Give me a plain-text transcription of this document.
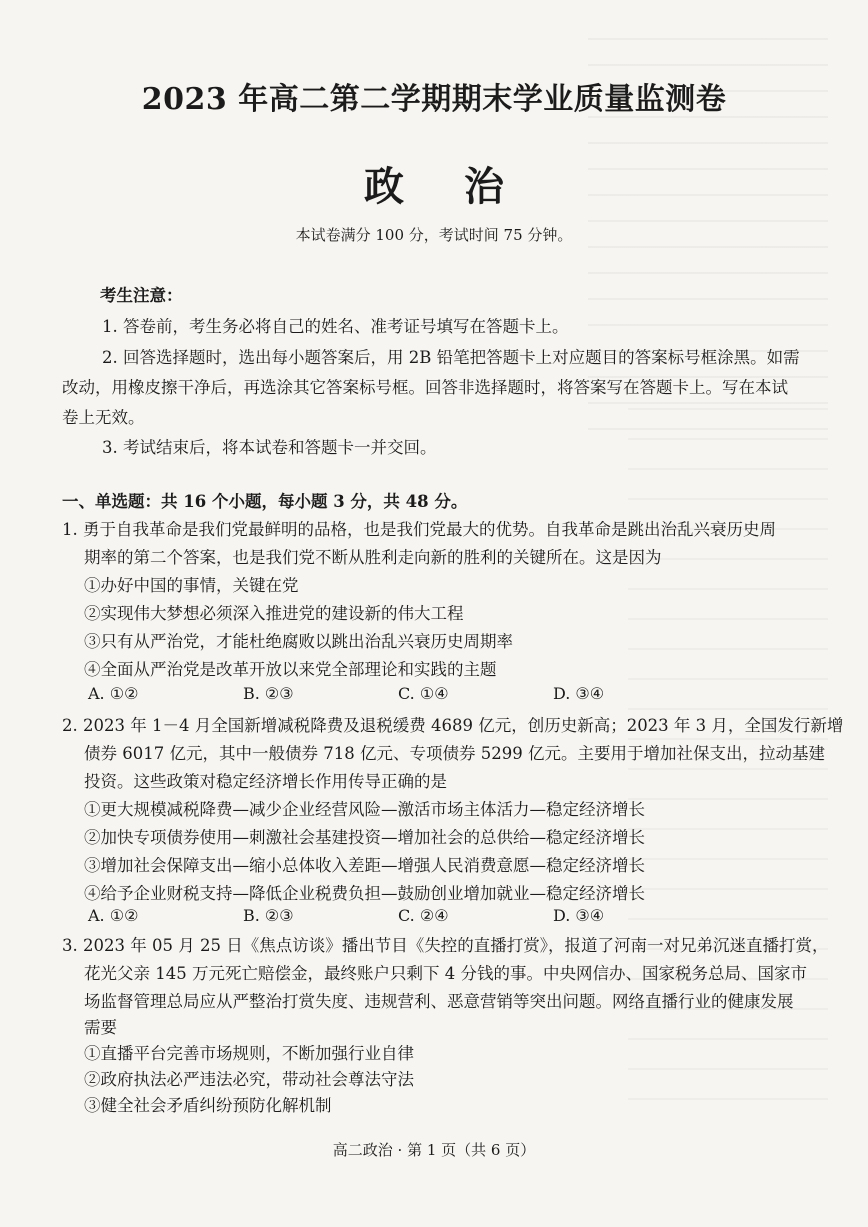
2023 年高二第二学期期末学业质量监测卷
政治
本试卷满分 100 分，考试时间 75 分钟。
考生注意：
1. 答卷前，考生务必将自己的姓名、准考证号填写在答题卡上。
2. 回答选择题时，选出每小题答案后，用 2B 铅笔把答题卡上对应题目的答案标号框涂黑。如需
改动，用橡皮擦干净后，再选涂其它答案标号框。回答非选择题时，将答案写在答题卡上。写在本试
卷上无效。
3. 考试结束后，将本试卷和答题卡一并交回。
一、单选题：共 16 个小题，每小题 3 分，共 48 分。
1. 勇于自我革命是我们党最鲜明的品格，也是我们党最大的优势。自我革命是跳出治乱兴衰历史周
期率的第二个答案，也是我们党不断从胜利走向新的胜利的关键所在。这是因为
①办好中国的事情，关键在党
②实现伟大梦想必须深入推进党的建设新的伟大工程
③只有从严治党，才能杜绝腐败以跳出治乱兴衰历史周期率
④全面从严治党是改革开放以来党全部理论和实践的主题
A. ①②	B. ②③	C. ①④	D. ③④
2. 2023 年 1－4 月全国新增减税降费及退税缓费 4689 亿元，创历史新高；2023 年 3 月，全国发行新增
债券 6017 亿元，其中一般债券 718 亿元、专项债券 5299 亿元。主要用于增加社保支出，拉动基建
投资。这些政策对稳定经济增长作用传导正确的是
①更大规模减税降费—减少企业经营风险—激活市场主体活力—稳定经济增长
②加快专项债券使用—刺激社会基建投资—增加社会的总供给—稳定经济增长
③增加社会保障支出—缩小总体收入差距—增强人民消费意愿—稳定经济增长
④给予企业财税支持—降低企业税费负担—鼓励创业增加就业—稳定经济增长
A. ①②	B. ②③	C. ②④	D. ③④
3. 2023 年 05 月 25 日《焦点访谈》播出节目《失控的直播打赏》，报道了河南一对兄弟沉迷直播打赏，
花光父亲 145 万元死亡赔偿金，最终账户只剩下 4 分钱的事。中央网信办、国家税务总局、国家市
场监督管理总局应从严整治打赏失度、违规营利、恶意营销等突出问题。网络直播行业的健康发展
需要
①直播平台完善市场规则，不断加强行业自律
②政府执法必严违法必究，带动社会尊法守法
③健全社会矛盾纠纷预防化解机制
高二政治 · 第 1 页（共 6 页）
